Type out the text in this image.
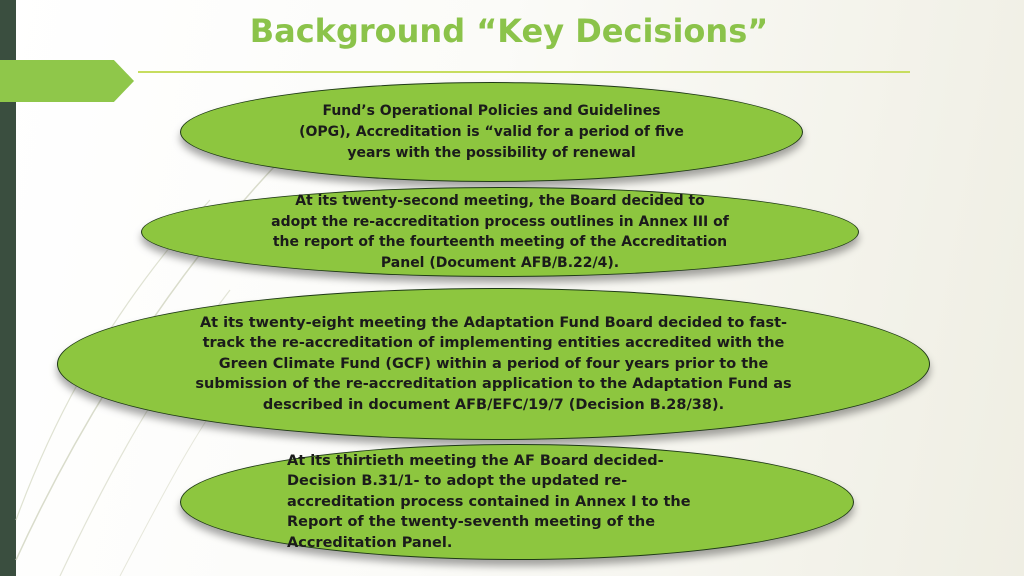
Background “Key Decisions”
Fund’s Operational Policies and Guidelines (OPG), Accreditation is “valid for a period of five years with the possibility of renewal
At its twenty-second meeting, the Board decided to adopt the re-accreditation process outlines in Annex III of the report of the fourteenth meeting of the Accreditation Panel (Document AFB/B.22/4).
At its twenty-eight meeting the Adaptation Fund Board decided to fast-track the re-accreditation of implementing entities accredited with the Green Climate Fund (GCF) within a period of four years prior to the submission of the re-accreditation application to the Adaptation Fund as described in document AFB/EFC/19/7 (Decision B.28/38).
At its thirtieth meeting the AF Board decided-Decision B.31/1- to adopt the updated re-accreditation process contained in Annex I to the Report of the twenty-seventh meeting of the Accreditation Panel.
